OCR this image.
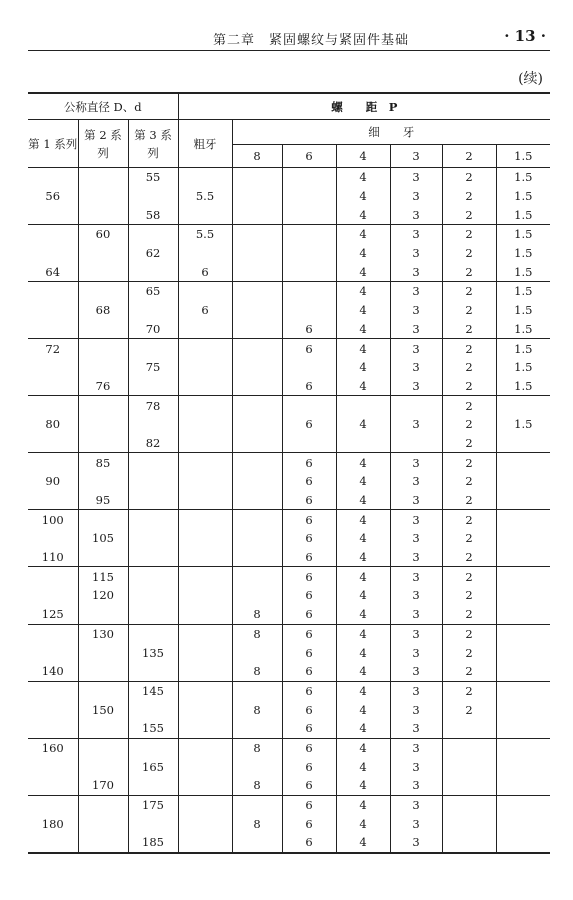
第二章　紧固螺纹与紧固件基础	· 13 ·
(续)
公称直径 D、d			螺　　距　P						
第 1 系列	第 2 系列	第 3 系列	粗牙	细　　牙					
				8	6	4	3	2	1.5
		55				4	3	2	1.5
56			5.5			4	3	2	1.5
		58				4	3	2	1.5
	60		5.5			4	3	2	1.5
		62				4	3	2	1.5
64			6			4	3	2	1.5
		65				4	3	2	1.5
	68		6			4	3	2	1.5
		70			6	4	3	2	1.5
72					6	4	3	2	1.5
		75				4	3	2	1.5
	76				6	4	3	2	1.5
		78						2	
80					6	4	3	2	1.5
		82						2	
	85				6	4	3	2	
90					6	4	3	2	
	95				6	4	3	2	
100					6	4	3	2	
	105				6	4	3	2	
110					6	4	3	2	
	115				6	4	3	2	
	120				6	4	3	2	
125				8	6	4	3	2	
	130			8	6	4	3	2	
		135			6	4	3	2	
140				8	6	4	3	2	
		145			6	4	3	2	
	150			8	6	4	3	2	
		155			6	4	3		
160				8	6	4	3		
		165			6	4	3		
	170			8	6	4	3		
		175			6	4	3		
180				8	6	4	3		
		185			6	4	3		
